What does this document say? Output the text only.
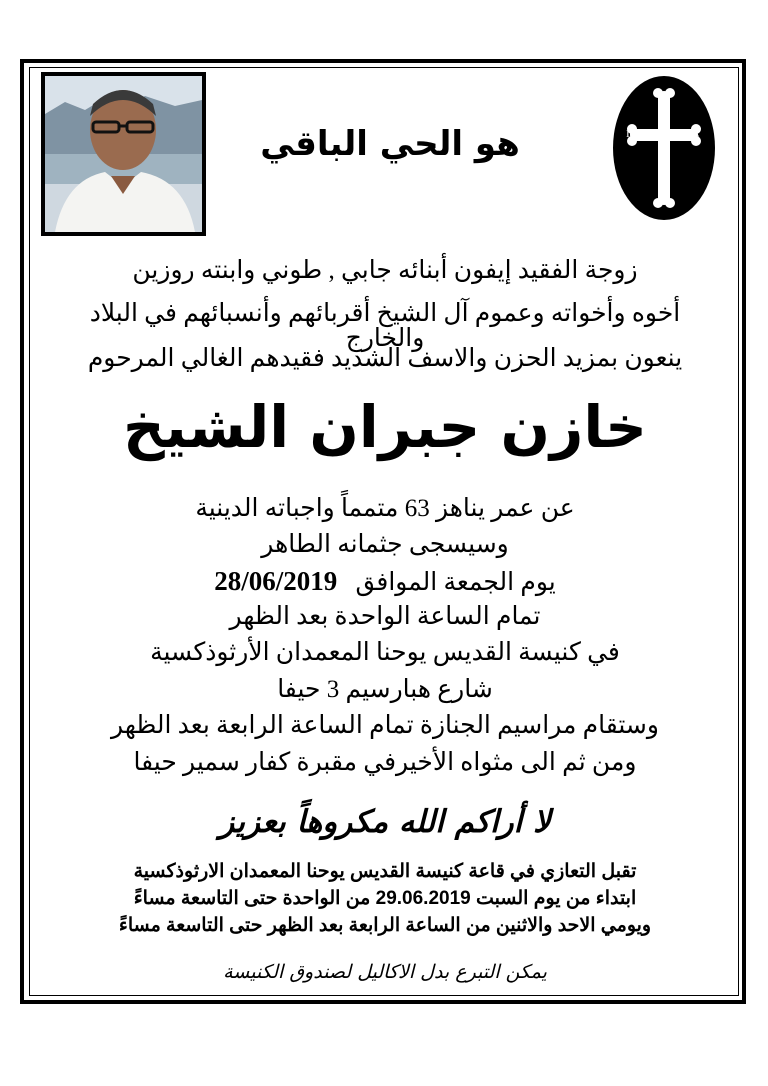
IC	XC
هو الحي الباقي
زوجة الفقيد إيفون أبنائه جابي , طوني وابنته روزين
أخوه وأخواته وعموم آل الشيخ أقربائهم وأنسبائهم في البلاد والخارج
ينعون بمزيد الحزن والاسف الشديد فقيدهم الغالي المرحوم
خازن جبران الشيخ
عن عمر يناهز 63 متمماً واجباته الدينية
وسيسجى جثمانه الطاهر
يوم الجمعة الموافق 28/06/2019
تمام الساعة الواحدة بعد الظهر
في كنيسة القديس يوحنا المعمدان الأرثوذكسية
شارع هبارسيم 3 حيفا
وستقام مراسيم الجنازة تمام الساعة الرابعة بعد الظهر
ومن ثم الى مثواه الأخيرفي مقبرة كفار سمير حيفا
لا أراكم الله مكروهاً بعزيز
تقبل التعازي في قاعة كنيسة القديس يوحنا المعمدان الارثوذكسية
ابتداء من يوم السبت 29.06.2019 من الواحدة حتى التاسعة مساءً
ويومي الاحد والاثنين من الساعة الرابعة بعد الظهر حتى التاسعة مساءً
يمكن التبرع بدل الاكاليل لصندوق الكنيسة
